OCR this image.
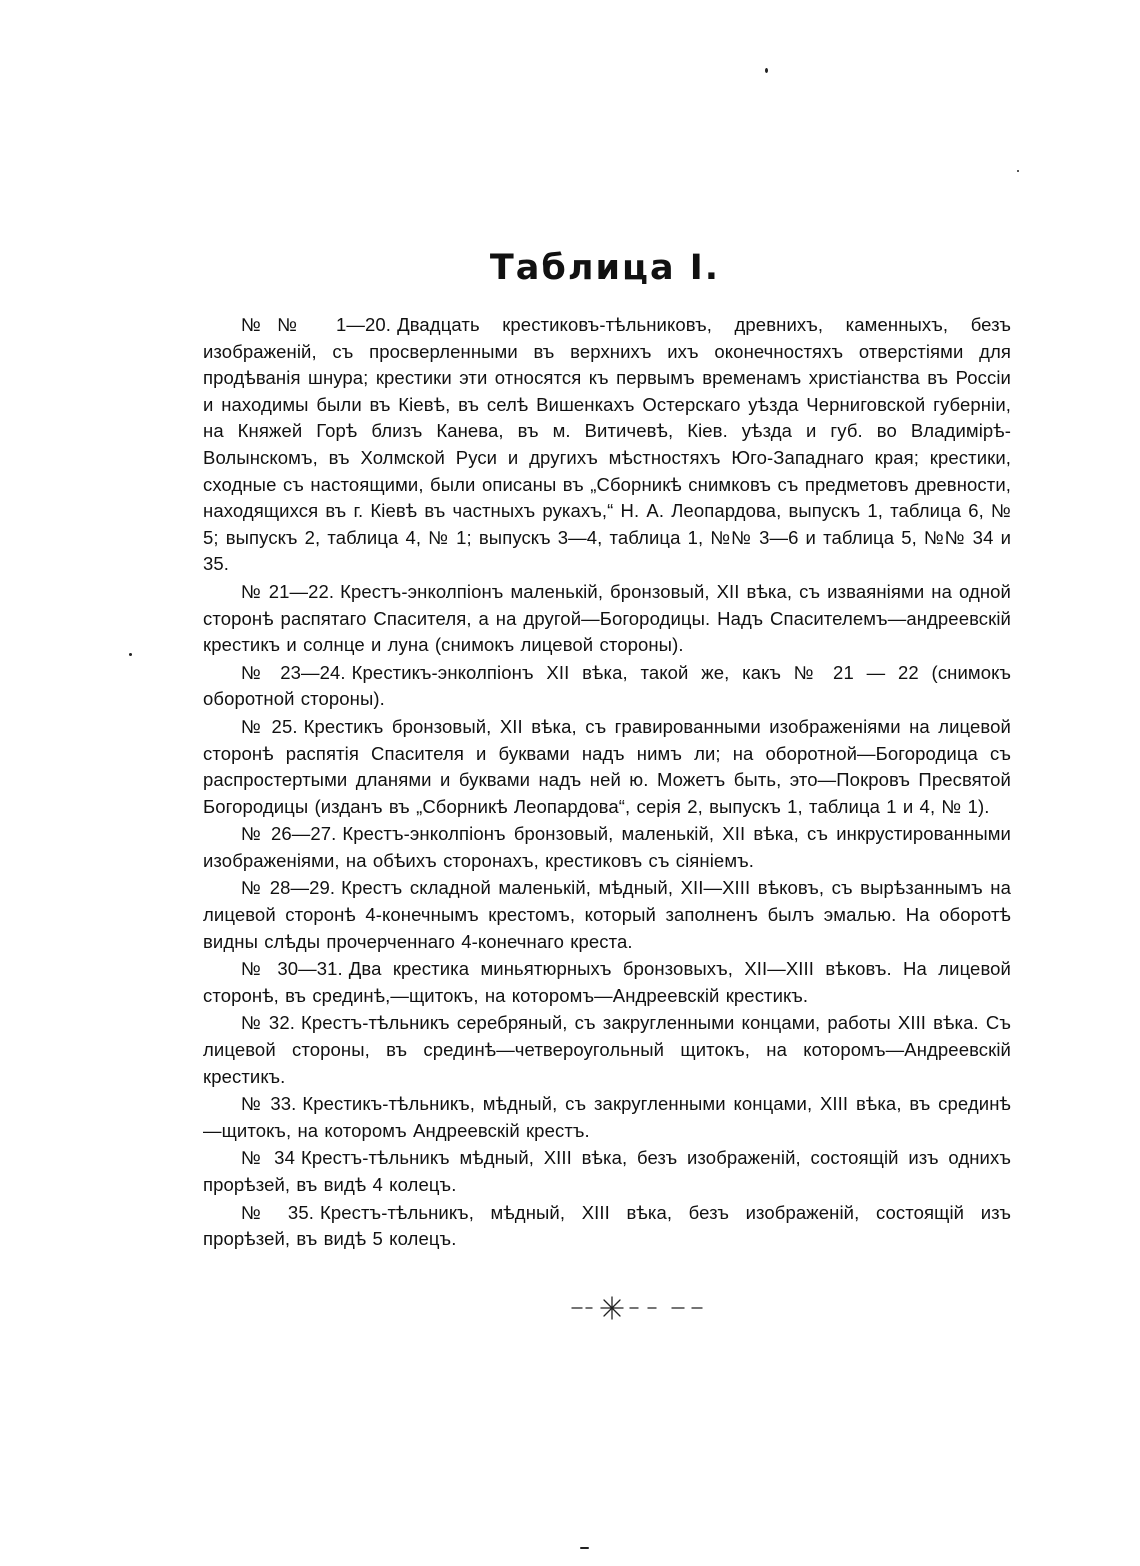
Таблица I.

№№ 1—20. Двадцать крестиковъ-тѣльниковъ, древнихъ, каменныхъ, безъ изображеній, съ просверленными въ верхнихъ ихъ оконечностяхъ отверстіями для продѣванія шнура; крестики эти относятся къ первымъ временамъ христіанства въ Россіи и находимы были въ Кіевѣ, въ селѣ Вишенкахъ Остерскаго уѣзда Черниговской губерніи, на Княжей Горѣ близъ Канева, въ м. Витичевѣ, Кіев. уѣзда и губ. во Владимірѣ-Волынскомъ, въ Холмской Руси и другихъ мѣстностяхъ Юго-Западнаго края; крестики, сходные съ настоящими, были описаны въ „Сборникѣ снимковъ съ предметовъ древности, находящихся въ г. Кіевѣ въ частныхъ рукахъ,“ Н. А. Леопардова, выпускъ 1, таблица 6, № 5; выпускъ 2, таблица 4, № 1; выпускъ 3—4, таблица 1, №№ 3—6 и таблица 5, №№ 34 и 35.

№ 21—22. Крестъ-энколпіонъ маленькій, бронзовый, XII вѣка, съ изваяніями на одной сторонѣ распятаго Спасителя, а на другой—Богородицы. Надъ Спасителемъ—андреевскій крестикъ и солнце и луна (снимокъ лицевой стороны).

№ 23—24. Крестикъ-энколпіонъ XII вѣка, такой же, какъ № 21 — 22 (снимокъ оборотной стороны).

№ 25. Крестикъ бронзовый, XII вѣка, съ гравированными изображеніями на лицевой сторонѣ распятія Спасителя и буквами надъ нимъ ли; на оборотной—Богородица съ распростертыми дланями и буквами надъ ней ю. Можетъ быть, это—Покровъ Пресвятой Богородицы (изданъ въ „Сборникѣ Леопардова“, серія 2, выпускъ 1, таблица 1 и 4, № 1).

№ 26—27. Крестъ-энколпіонъ бронзовый, маленькій, XII вѣка, съ инкрустированными изображеніями, на обѣихъ сторонахъ, крестиковъ съ сіяніемъ.

№ 28—29. Крестъ складной маленькій, мѣдный, XII—XIII вѣковъ, съ вырѣзаннымъ на лицевой сторонѣ 4-конечнымъ крестомъ, который заполненъ былъ эмалью. На оборотѣ видны слѣды прочерченнаго 4-конечнаго креста.

№ 30—31. Два крестика миньятюрныхъ бронзовыхъ, XII—XIII вѣковъ. На лицевой сторонѣ, въ срединѣ,—щитокъ, на которомъ—Андреевскій крестикъ.

№ 32. Крестъ-тѣльникъ серебряный, съ закругленными концами, работы XIII вѣка. Съ лицевой стороны, въ срединѣ—четвероугольный щитокъ, на которомъ—Андреевскій крестикъ.

№ 33. Крестикъ-тѣльникъ, мѣдный, съ закругленными концами, XIII вѣка, въ срединѣ—щитокъ, на которомъ Андреевскій крестъ.

№ 34 Крестъ-тѣльникъ мѣдный, XIII вѣка, безъ изображеній, состоящій изъ однихъ прорѣзей, въ видѣ 4 колецъ.

№ 35. Крестъ-тѣльникъ, мѣдный, XIII вѣка, безъ изображеній, состоящій изъ прорѣзей, въ видѣ 5 колецъ.
